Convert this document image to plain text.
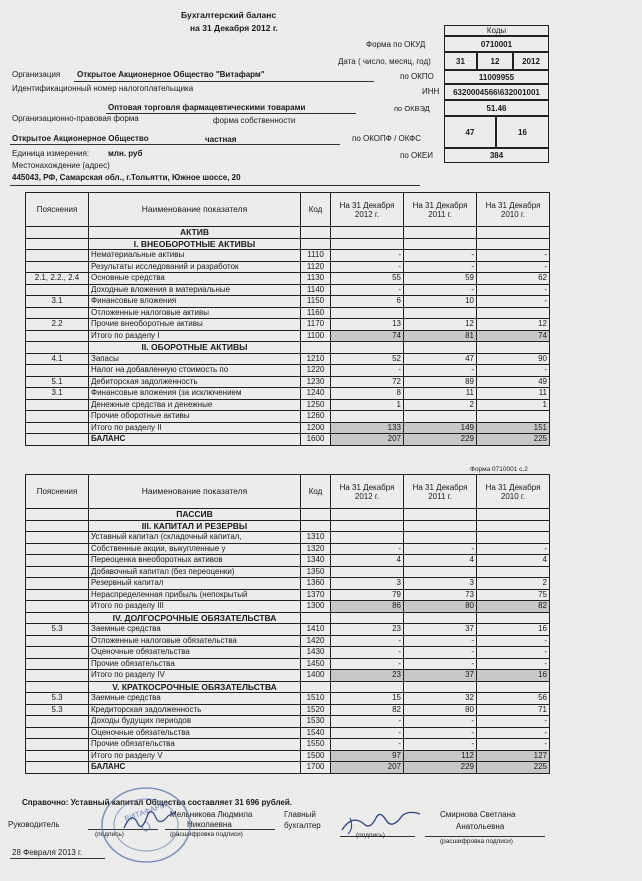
Бухгалтерский баланс
на 31 Декабря 2012 г.	Коды
Форма по ОКУД	0710001
Дата ( число, месяц, год)	31	12	2012
Организация Открытое Акционерное Общество "Витафарм"	по ОКПО	11009955
Идентификационный номер налогоплательщика	ИНН	6320004566\632001001
Оптовая торговля фармацевтическими товарами	по ОКВЭД	51.46
Организационно-правовая форма	форма собственности
Открытое Акционерное Общество	частная	по ОКОПФ / ОКФС
47	16
Единица измерения: млн. руб	по ОКЕИ	384
Местонахождение (адрес)
445043, РФ, Самарская обл., г.Тольятти, Южное шоссе, 20
Пояснения	Наименование показателя	Код	На 31 Декабря 2012 г.	На 31 Декабря 2011 г.	На 31 Декабря 2010 г.
	АКТИВ				
	I. ВНЕОБОРОТНЫЕ АКТИВЫ				
	Нематериальные активы	1110	-	-	-
	Результаты исследований и разработок	1120	-	-	-
2.1, 2.2., 2.4	Основные средства	1130	55	59	62
	Доходные вложения в материальные	1140	-	-	-
3.1	Финансовые вложения	1150	6	10	-
	Отложенные налоговые активы	1160			
2.2	Прочие внеоборотные активы	1170	13	12	12
	Итого по разделу I	1100	74	81	74
	II. ОБОРОТНЫЕ АКТИВЫ				
4.1	Запасы	1210	52	47	90
	Налог на добавленную стоимость по	1220	-	-	-
5.1	Дебиторская задолженность	1230	72	89	49
3.1	Финансовые вложения (за исключением	1240	8	11	11
	Денежные средства и денежные	1250	1	2	1
	Прочие оборотные активы	1260			
	Итого по разделу II	1200	133	149	151
	БАЛАНС	1600	207	229	225
Форма 0710001 с.2
Пояснения	Наименование показателя	Код	На 31 Декабря 2012 г.	На 31 Декабря 2011 г.	На 31 Декабря 2010 г.
	ПАССИВ				
	III. КАПИТАЛ И РЕЗЕРВЫ				
	Уставный капитал (складочный капитал,	1310			
	Собственные акции, выкупленные у	1320	-	-	-
	Переоценка внеоборотных активов	1340	4	4	4
	Добавочный капитал (без переоценки)	1350			
	Резервный капитал	1360	3	3	2
	Нераспределенная прибыль (непокрытый	1370	79	73	75
	Итого по разделу III	1300	86	80	82
	IV. ДОЛГОСРОЧНЫЕ ОБЯЗАТЕЛЬСТВА				
5.3	Заемные средства	1410	23	37	16
	Отложенные налоговые обязательства	1420	-	-	-
	Оценочные обязательства	1430	-	-	-
	Прочие обязательства	1450	-	-	-
	Итого по разделу IV	1400	23	37	16
	V. КРАТКОСРОЧНЫЕ ОБЯЗАТЕЛЬСТВА				
5.3	Заемные средства	1510	15	32	56
5.3	Кредиторская задолженность	1520	82	80	71
	Доходы будущих периодов	1530	-	-	-
	Оценочные обязательства	1540	-	-	-
	Прочие обязательства	1550	-	-	-
	Итого по разделу V	1500	97	112	127
	БАЛАНС	1700	207	229	225
Справочно: Уставный капитал Общества составляет 31 696 рублей.
Руководитель
Мельникова Людмила
Николаевна
(подпись)	(расшифровка подписи)
Главный
бухгалтер
Смирнова Светлана
Анатольевна
(подпись)
(расшифровка подписи)
28 Февраля 2013 г.
ВИТАФАРМ
